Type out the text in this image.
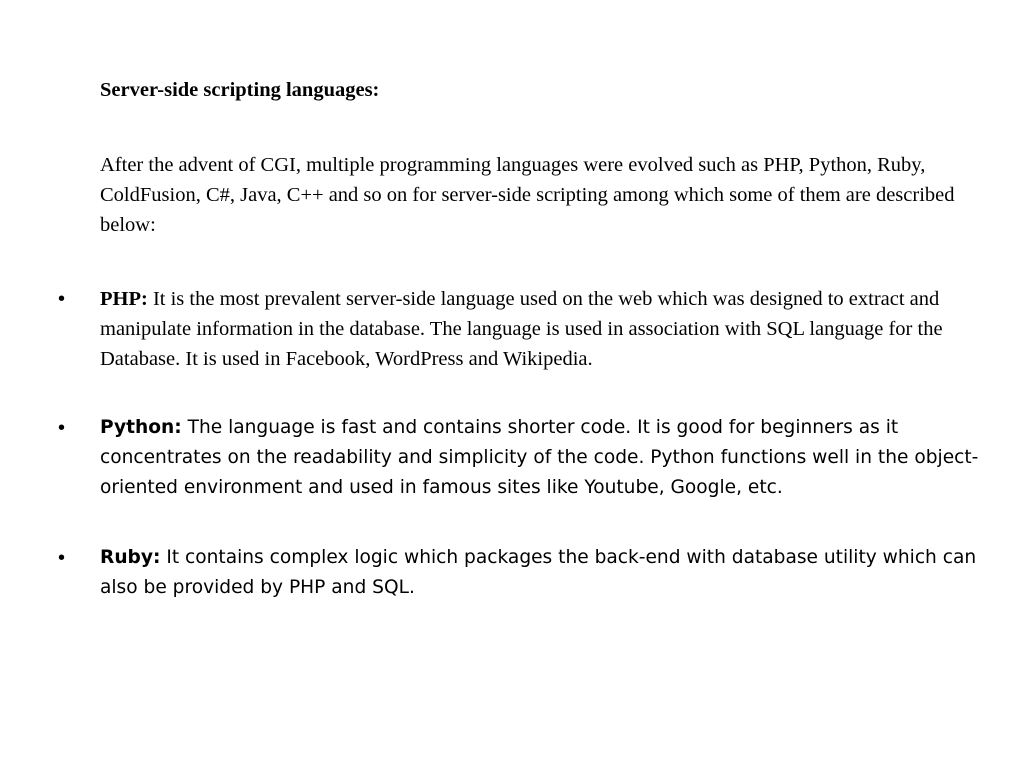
Server-side scripting languages:

After the advent of CGI, multiple programming languages were evolved such as PHP, Python, Ruby, ColdFusion, C#, Java, C++ and so on for server-side scripting among which some of them are described below:

• PHP: It is the most prevalent server-side language used on the web which was designed to extract and manipulate information in the database. The language is used in association with SQL language for the Database. It is used in Facebook, WordPress and Wikipedia.
• Python: The language is fast and contains shorter code. It is good for beginners as it concentrates on the readability and simplicity of the code. Python functions well in the object-oriented environment and used in famous sites like Youtube, Google, etc.
• Ruby: It contains complex logic which packages the back-end with database utility which can also be provided by PHP and SQL.
